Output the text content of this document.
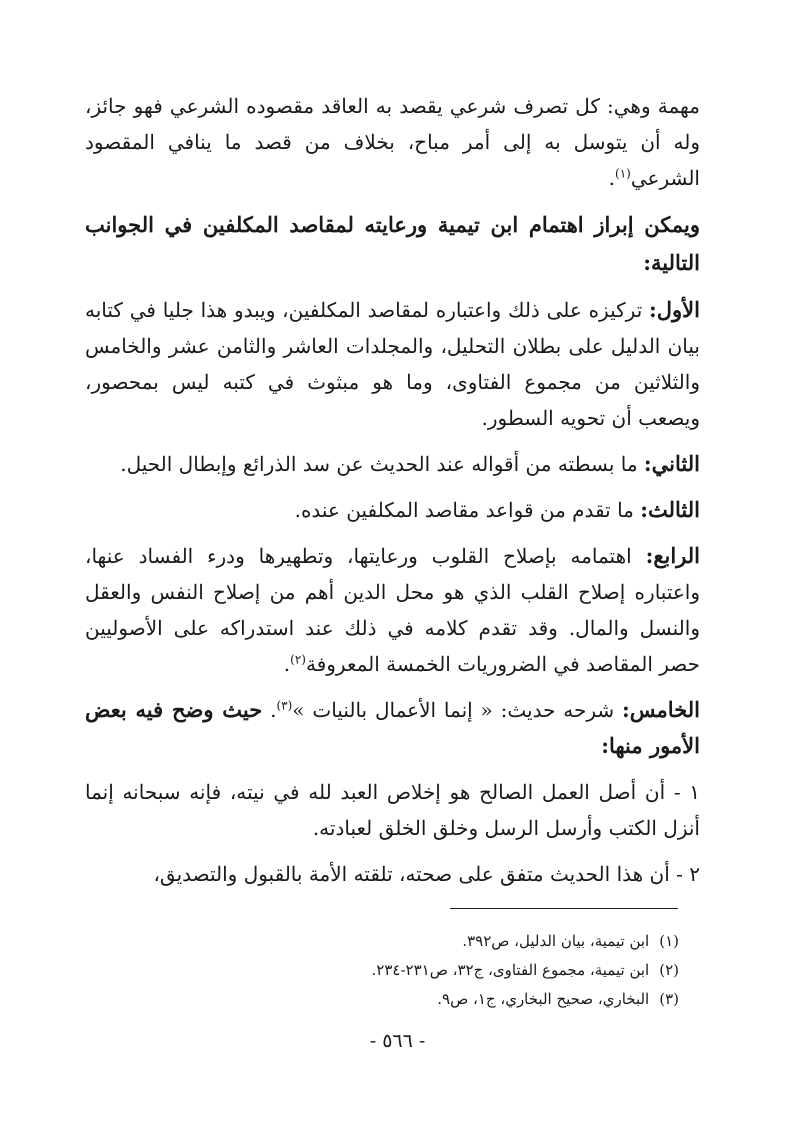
مهمة وهي: كل تصرف شرعي يقصد به العاقد مقصوده الشرعي فهو جائز، وله أن يتوسل به إلى أمر مباح، بخلاف من قصد ما ينافي المقصود الشرعي$^{(١)}$.

ويمكن إبراز اهتمام ابن تيمية ورعايته لمقاصد المكلفين في الجوانب التالية:

الأول: تركيزه على ذلك واعتباره لمقاصد المكلفين، ويبدو هذا جليا في كتابه بيان الدليل على بطلان التحليل، والمجلدات العاشر والثامن عشر والخامس والثلاثين من مجموع الفتاوى، وما هو مبثوث في كتبه ليس بمحصور، ويصعب أن تحويه السطور.

الثاني: ما بسطته من أقواله عند الحديث عن سد الذرائع وإبطال الحيل.

الثالث: ما تقدم من قواعد مقاصد المكلفين عنده.

الرابع: اهتمامه بإصلاح القلوب ورعايتها، وتطهيرها ودرء الفساد عنها، واعتباره إصلاح القلب الذي هو محل الدين أهم من إصلاح النفس والعقل والنسل والمال. وقد تقدم كلامه في ذلك عند استدراكه على الأصوليين حصر المقاصد في الضروريات الخمسة المعروفة$^{(٢)}$.

الخامس: شرحه حديث: « إنما الأعمال بالنيات »$^{(٣)}$. حيث وضح فيه بعض الأمور منها:

١ - أن أصل العمل الصالح هو إخلاص العبد لله في نيته، فإنه سبحانه إنما أنزل الكتب وأرسل الرسل وخلق الخلق لعبادته.

٢ - أن هذا الحديث متفق على صحته، تلقته الأمة بالقبول والتصديق،

(١)ابن تيمية، بيان الدليل، ص٣٩٢.
(٢)ابن تيمية، مجموع الفتاوى، ج٣٢، ص٢٣١-٢٣٤.
(٣)البخاري، صحيح البخاري، ج١، ص٩.
- ٥٦٦ -
